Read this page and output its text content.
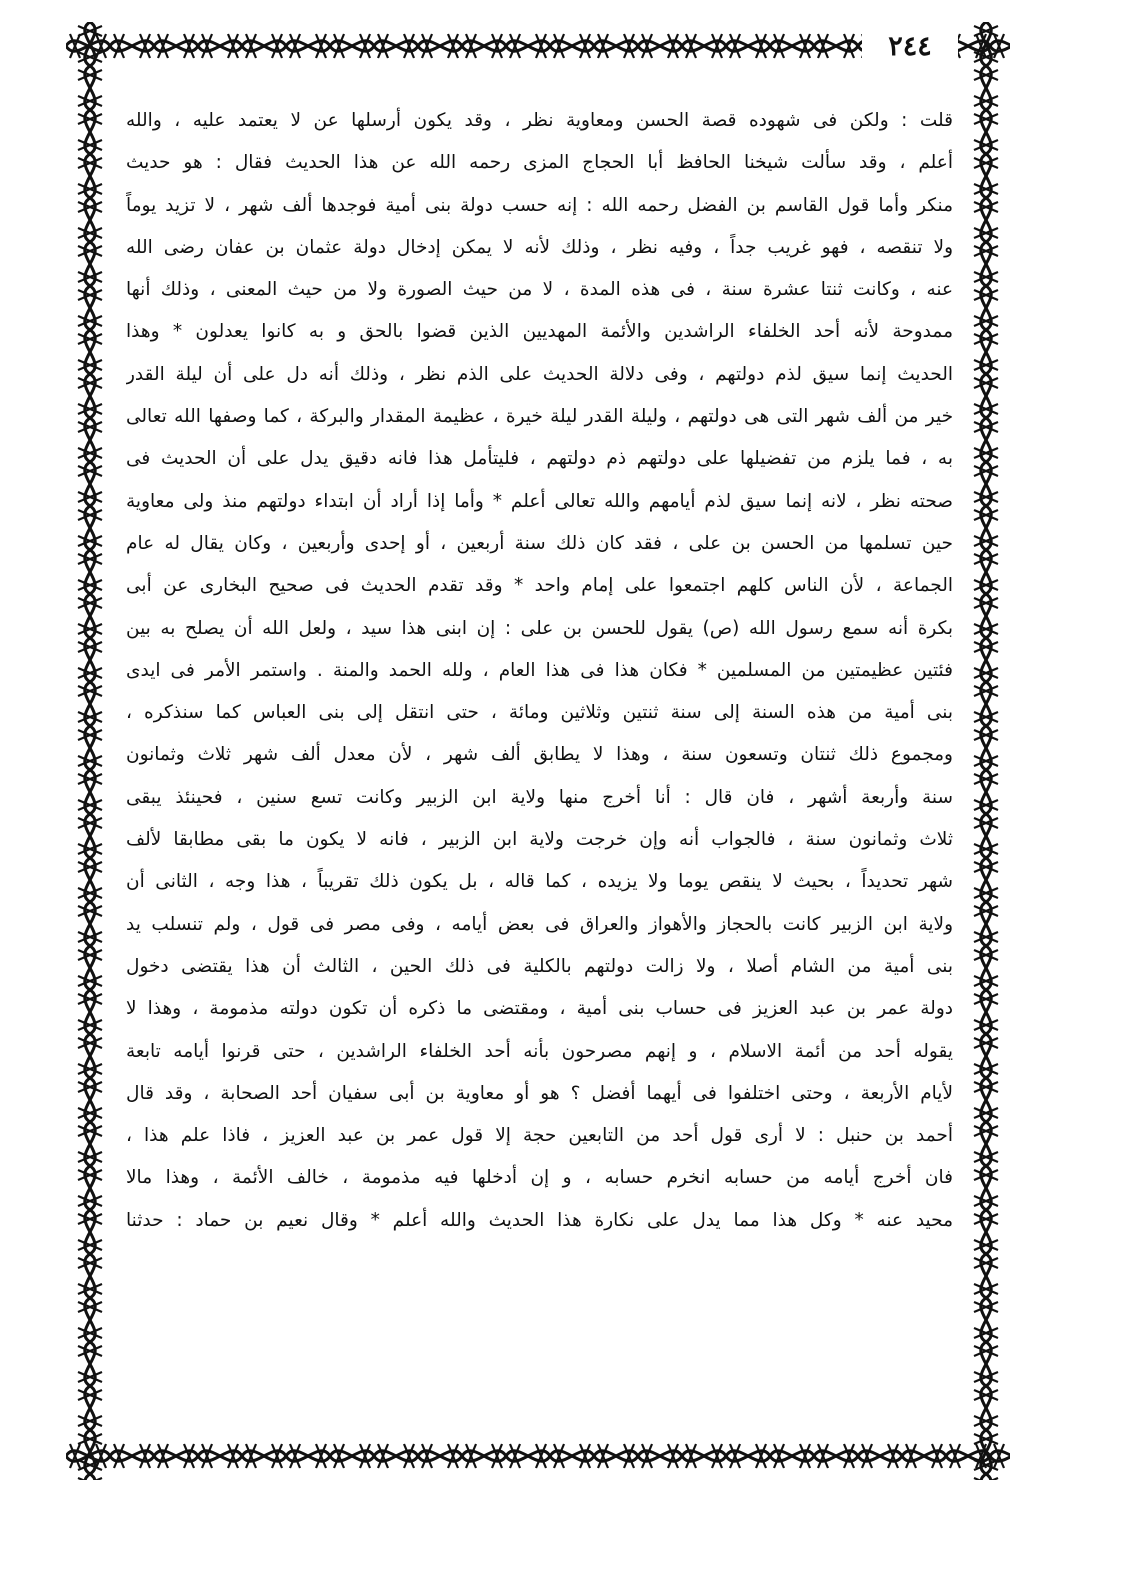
٢٤٤
قلت : ولكن فى شهوده قصة الحسن ومعاوية نظر ، وقد يكون أرسلها عن لا يعتمد عليه ، والله
أعلم ، وقد سألت شيخنا الحافظ أبا الحجاج المزى رحمه الله عن هذا الحديث فقال : هو حديث
منكر وأما قول القاسم بن الفضل رحمه الله : إنه حسب دولة بنى أمية فوجدها ألف شهر ، لا تزيد يوماً
ولا تنقصه ، فهو غريب جداً ، وفيه نظر ، وذلك لأنه لا يمكن إدخال دولة عثمان بن عفان رضى الله
عنه ، وكانت ثنتا عشرة سنة ، فى هذه المدة ، لا من حيث الصورة ولا من حيث المعنى ، وذلك أنها
ممدوحة لأنه أحد الخلفاء الراشدين والأئمة المهديين الذين قضوا بالحق و به كانوا يعدلون * وهذا
الحديث إنما سيق لذم دولتهم ، وفى دلالة الحديث على الذم نظر ، وذلك أنه دل على أن ليلة القدر
خير من ألف شهر التى هى دولتهم ، وليلة القدر ليلة خيرة ، عظيمة المقدار والبركة ، كما وصفها الله تعالى
به ، فما يلزم من تفضيلها على دولتهم ذم دولتهم ، فليتأمل هذا فانه دقيق يدل على أن الحديث فى
صحته نظر ، لانه إنما سيق لذم أيامهم والله تعالى أعلم * وأما إذا أراد أن ابتداء دولتهم منذ ولى معاوية
حين تسلمها من الحسن بن على ، فقد كان ذلك سنة أربعين ، أو إحدى وأربعين ، وكان يقال له عام
الجماعة ، لأن الناس كلهم اجتمعوا على إمام واحد * وقد تقدم الحديث فى صحيح البخارى عن أبى
بكرة أنه سمع رسول الله (ص) يقول للحسن بن على : إن ابنى هذا سيد ، ولعل الله أن يصلح به بين
فئتين عظيمتين من المسلمين * فكان هذا فى هذا العام ، ولله الحمد والمنة . واستمر الأمر فى ايدى
بنى أمية من هذه السنة إلى سنة ثنتين وثلاثين ومائة ، حتى انتقل إلى بنى العباس كما سنذكره ،
ومجموع ذلك ثنتان وتسعون سنة ، وهذا لا يطابق ألف شهر ، لأن معدل ألف شهر ثلاث وثمانون
سنة وأربعة أشهر ، فان قال : أنا أخرج منها ولاية ابن الزبير وكانت تسع سنين ، فحينئذ يبقى
ثلاث وثمانون سنة ، فالجواب أنه وإن خرجت ولاية ابن الزبير ، فانه لا يكون ما بقى مطابقا لألف
شهر تحديداً ، بحيث لا ينقص يوما ولا يزيده ، كما قاله ، بل يكون ذلك تقريباً ، هذا وجه ، الثانى أن
ولاية ابن الزبير كانت بالحجاز والأهواز والعراق فى بعض أيامه ، وفى مصر فى قول ، ولم تنسلب يد
بنى أمية من الشام أصلا ، ولا زالت دولتهم بالكلية فى ذلك الحين ، الثالث أن هذا يقتضى دخول
دولة عمر بن عبد العزيز فى حساب بنى أمية ، ومقتضى ما ذكره أن تكون دولته مذمومة ، وهذا لا
يقوله أحد من أئمة الاسلام ، و إنهم مصرحون بأنه أحد الخلفاء الراشدين ، حتى قرنوا أيامه تابعة
لأيام الأربعة ، وحتى اختلفوا فى أيهما أفضل ؟ هو أو معاوية بن أبى سفيان أحد الصحابة ، وقد قال
أحمد بن حنبل : لا أرى قول أحد من التابعين حجة إلا قول عمر بن عبد العزيز ، فاذا علم هذا ،
فان أخرج أيامه من حسابه انخرم حسابه ، و إن أدخلها فيه مذمومة ، خالف الأئمة ، وهذا مالا
محيد عنه * وكل هذا مما يدل على نكارة هذا الحديث والله أعلم * وقال نعيم بن حماد : حدثنا
